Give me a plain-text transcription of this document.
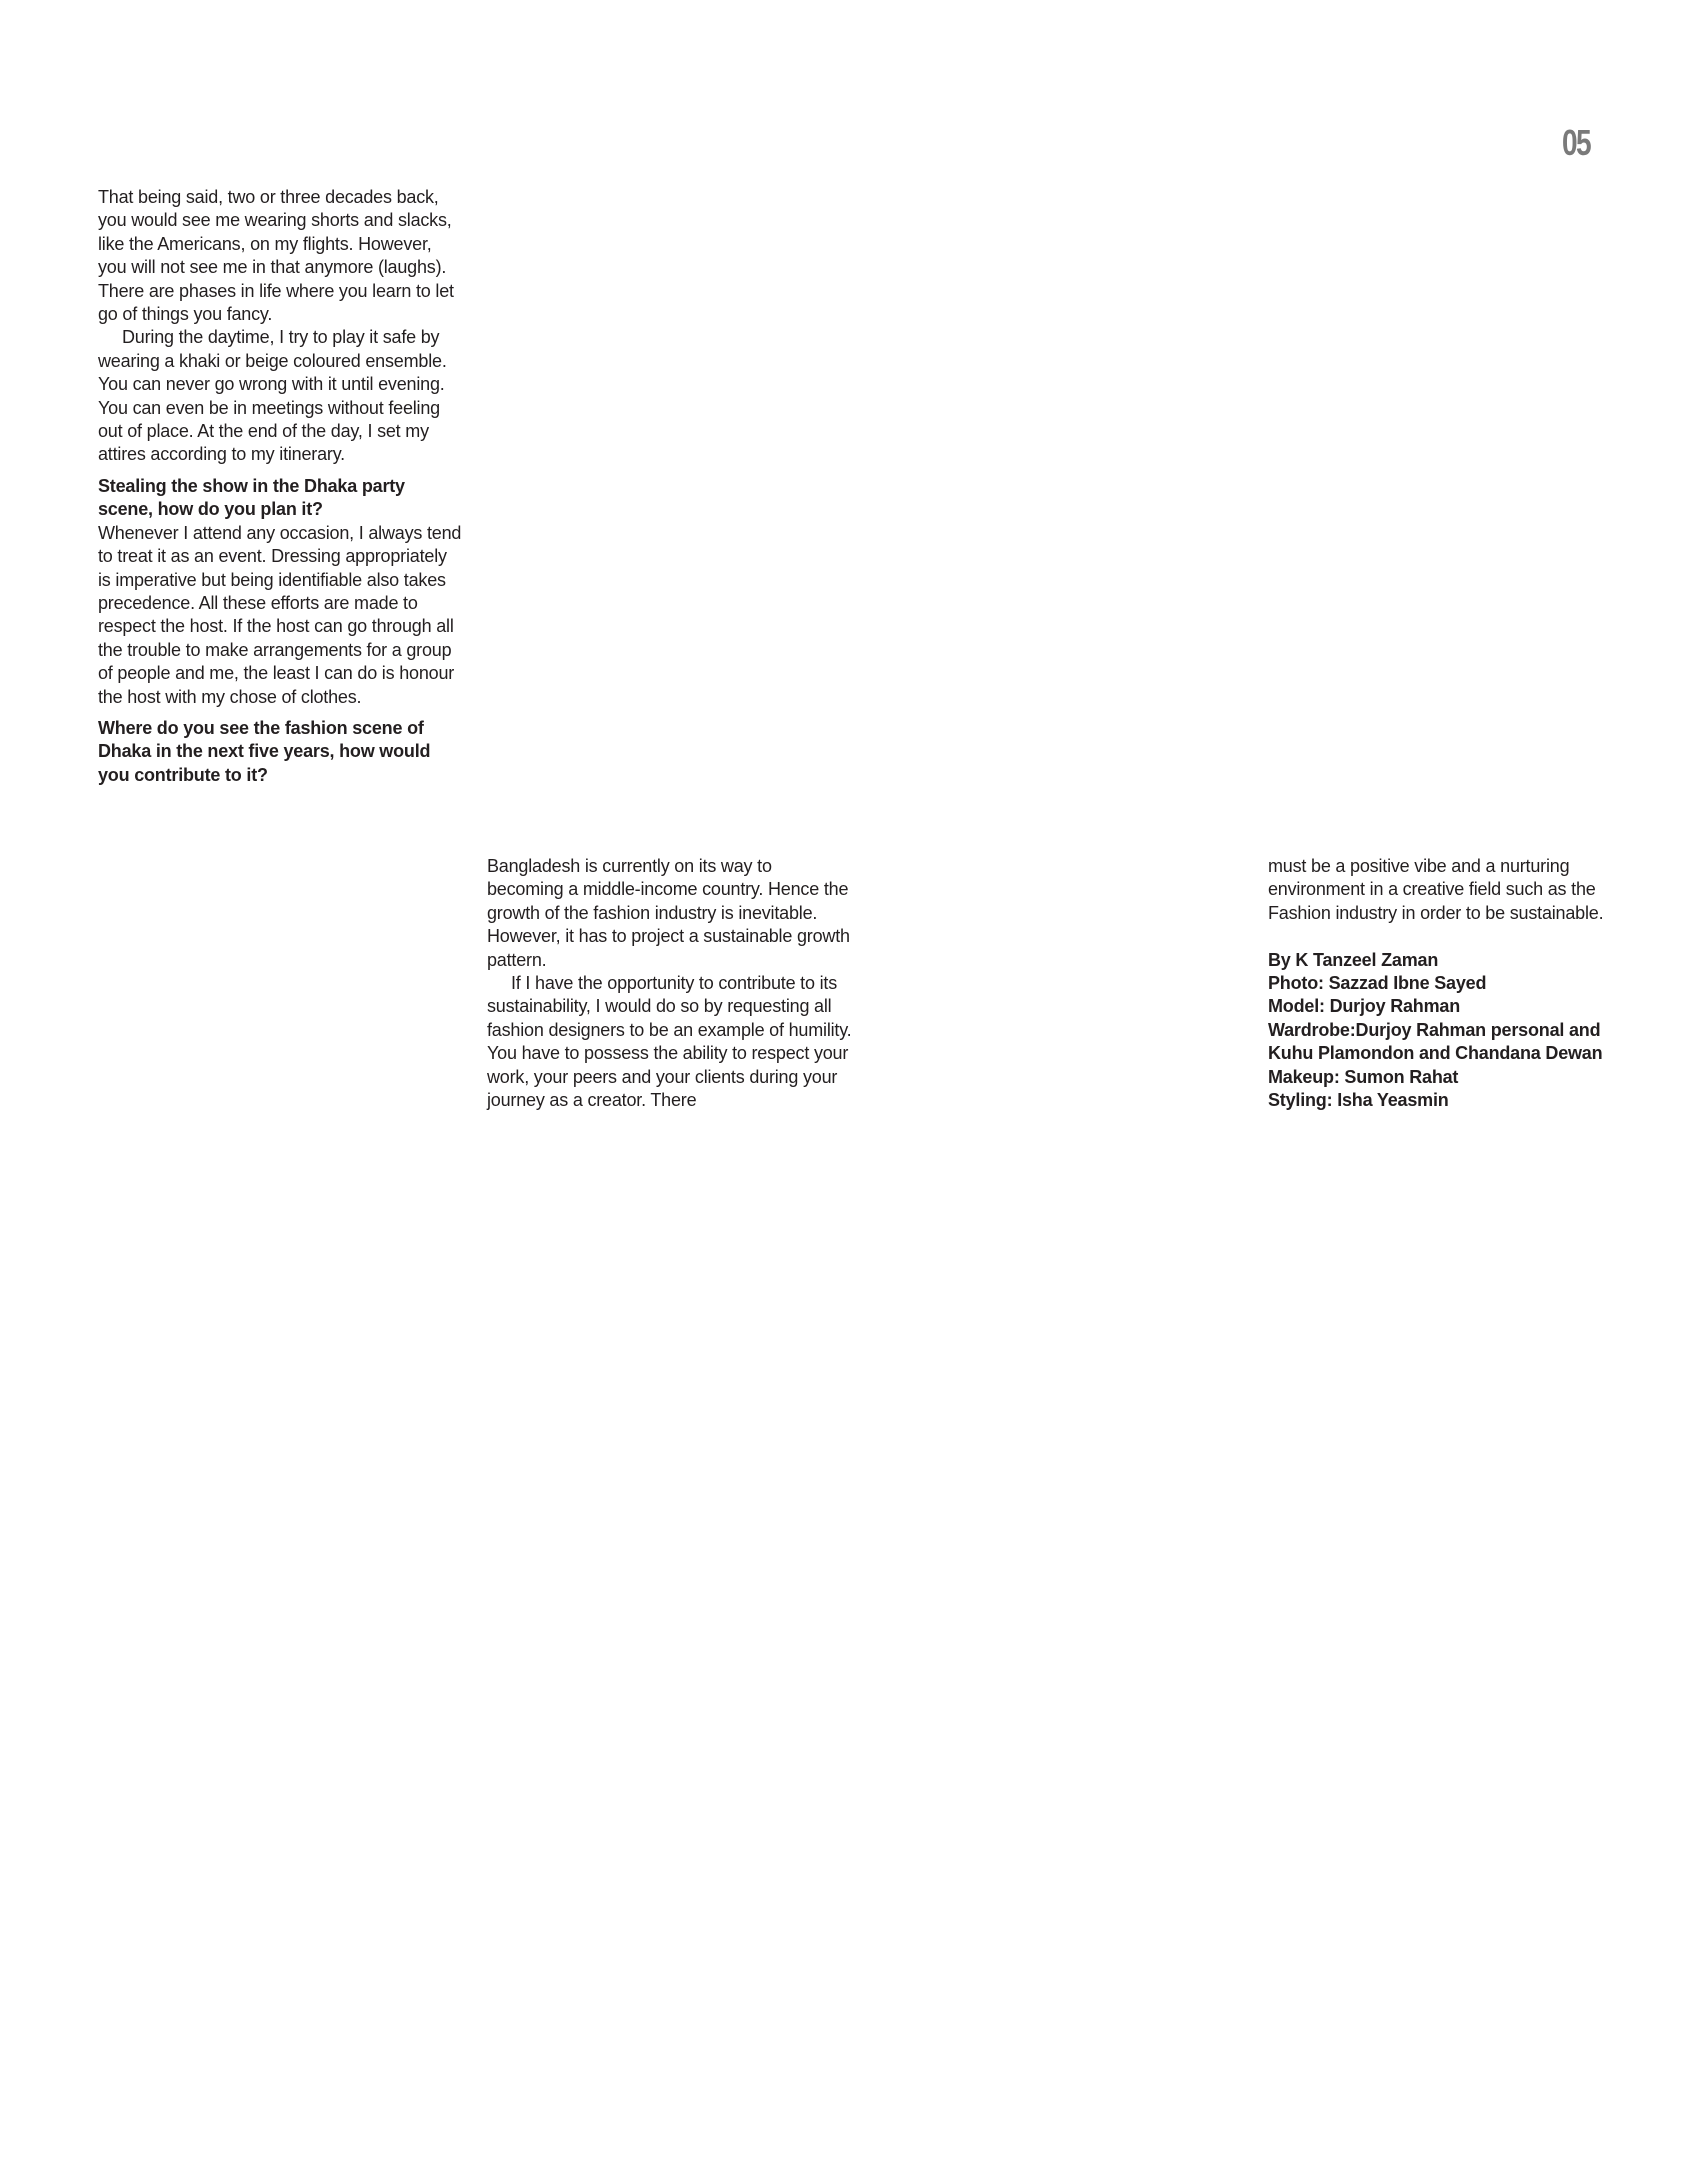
05

That being said, two or three decades back, you would see me wearing shorts and slacks, like the Americans, on my flights. However, you will not see me in that anymore (laughs). There are phases in life where you learn to let go of things you fancy.

During the daytime, I try to play it safe by wearing a khaki or beige coloured ensemble. You can never go wrong with it until evening. You can even be in meetings without feeling out of place. At the end of the day, I set my attires according to my itinerary.

Stealing the show in the Dhaka party scene, how do you plan it?

Whenever I attend any occasion, I always tend to treat it as an event. Dressing appropriately is imperative but being identifiable also takes precedence. All these efforts are made to respect the host. If the host can go through all the trouble to make arrangements for a group of people and me, the least I can do is honour the host with my chose of clothes.

Where do you see the fashion scene of Dhaka in the next five years, how would you contribute to it?

Bangladesh is currently on its way to becoming a middle-income country. Hence the growth of the fashion industry is inevitable. However, it has to project a sustainable growth pattern.

If I have the opportunity to contribute to its sustainability, I would do so by requesting all fashion designers to be an example of humility. You have to possess the ability to respect your work, your peers and your clients during your journey as a creator. There

must be a positive vibe and a nurturing environment in a creative field such as the Fashion industry in order to be sustainable.

By K Tanzeel Zaman
Photo: Sazzad Ibne Sayed
Model: Durjoy Rahman
Wardrobe:Durjoy Rahman personal and
Kuhu Plamondon and Chandana Dewan
Makeup: Sumon Rahat
Styling: Isha Yeasmin
